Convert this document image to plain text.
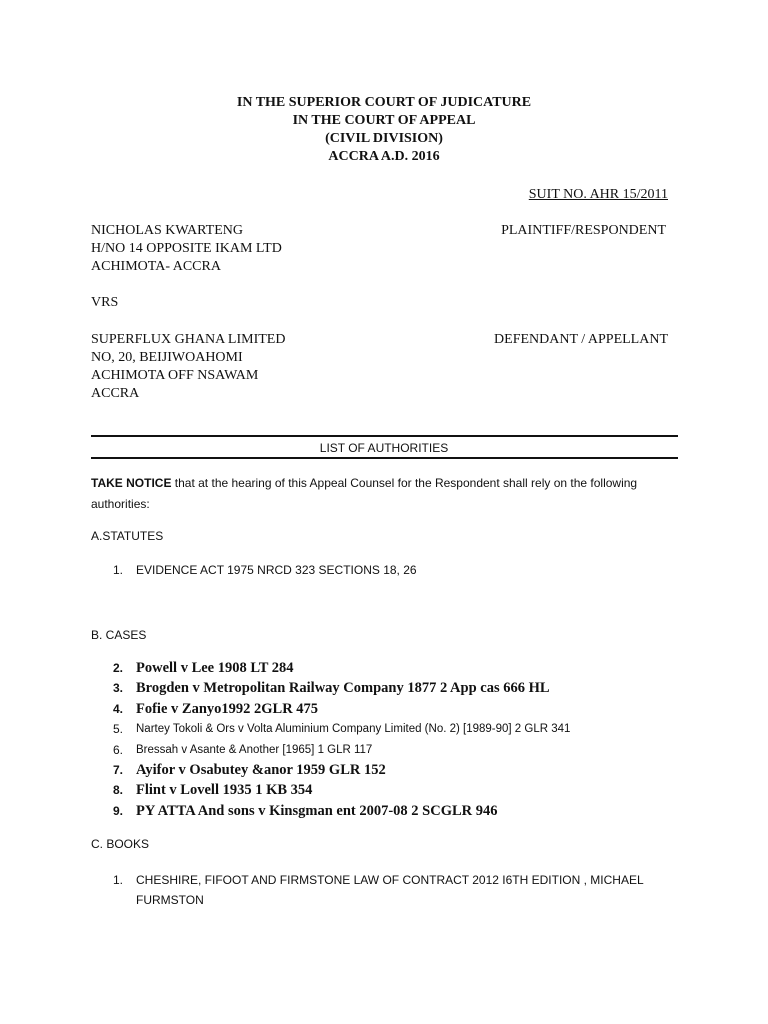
IN THE SUPERIOR COURT OF JUDICATURE
IN THE COURT OF APPEAL
(CIVIL DIVISION)
ACCRA A.D. 2016
SUIT NO. AHR 15/2011
NICHOLAS KWARTENG
H/NO 14 OPPOSITE IKAM LTD
ACHIMOTA- ACCRA
PLAINTIFF/RESPONDENT
VRS
SUPERFLUX GHANA LIMITED
NO, 20, BEIJIWOAHOMI
ACHIMOTA OFF NSAWAM
ACCRA
DEFENDANT / APPELLANT
LIST OF AUTHORITIES
TAKE NOTICE that at the hearing of this Appeal Counsel for the Respondent shall rely on the following
authorities:
A.STATUTES
1. EVIDENCE ACT 1975 NRCD 323 SECTIONS 18, 26
B. CASES
2. Powell v Lee 1908 LT 284
3. Brogden v Metropolitan Railway Company 1877 2 App cas 666 HL
4. Fofie v Zanyo1992 2GLR 475
5. Nartey Tokoli & Ors v Volta Aluminium Company Limited (No. 2) [1989-90] 2 GLR 341
6. Bressah v Asante & Another [1965] 1 GLR 117
7. Ayifor v Osabutey &anor 1959 GLR 152
8. Flint v Lovell 1935 1 KB 354
9. PY ATTA And sons v Kinsgman ent 2007-08 2 SCGLR 946
C. BOOKS
1. CHESHIRE, FIFOOT AND FIRMSTONE LAW OF CONTRACT 2012 I6TH EDITION , MICHAEL
FURMSTON
